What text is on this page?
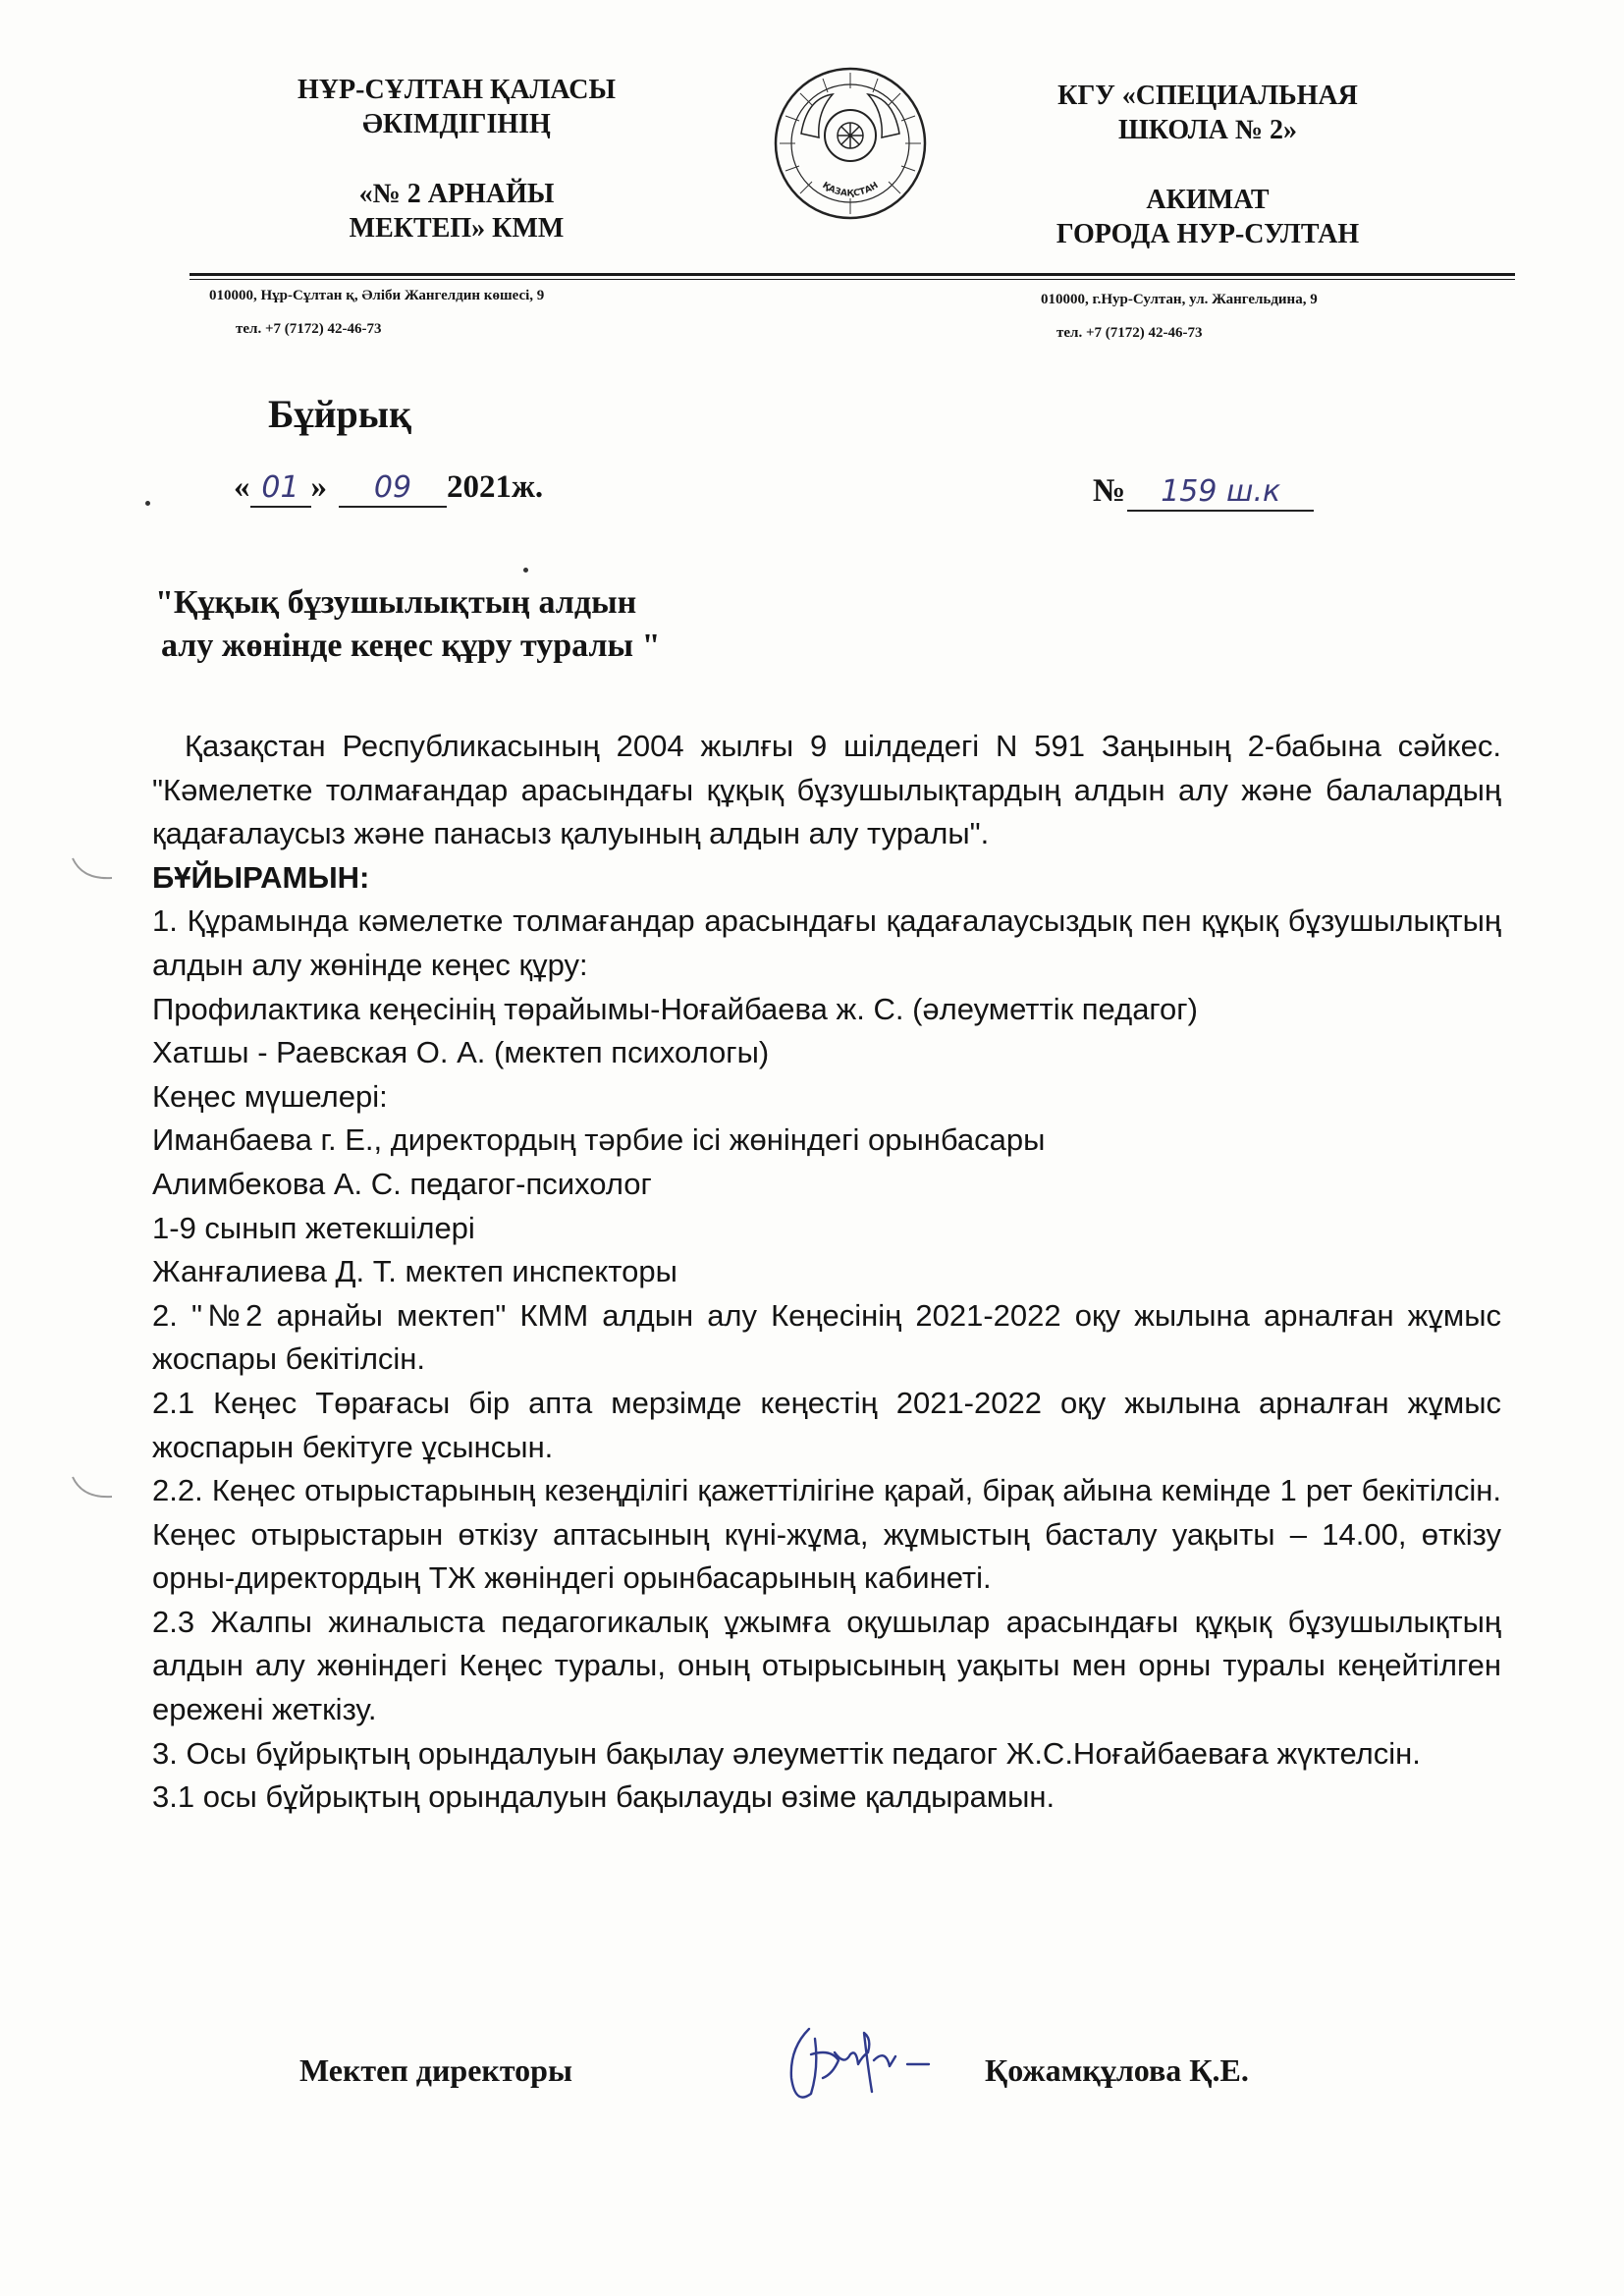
НҰР-СҰЛТАН ҚАЛАСЫ
ӘКІМДІГІНІҢ
«№ 2 АРНАЙЫ
МЕКТЕП» КММ
ҚАЗАҚСТАН
КГУ «СПЕЦИАЛЬНАЯ
ШКОЛА № 2»
АКИМАТ
ГОРОДА НУР-СУЛТАН
010000, Нұр-Сұлтан қ, Әліби Жангелдин көшесі, 9
тел. +7 (7172) 42-46-73
010000, г.Нур-Султан, ул. Жангельдина, 9
тел. +7 (7172) 42-46-73
Бұйрық
« 01 » 09 2021ж.	№ 159 ш.к
"Құқық бұзушылықтың алдын
алу жөнінде кеңес құру туралы "

Қазақстан Республикасының 2004 жылғы 9 шілдедегі N 591 Заңының 2-бабына сәйкес. "Кәмелетке толмағандар арасындағы құқық бұзушылықтардың алдын алу және балалардың қадағалаусыз және панасыз қалуының алдын алу туралы".

БҰЙЫРАМЫН:

1. Құрамында кәмелетке толмағандар арасындағы қадағалаусыздық пен құқық бұзушылықтың алдын алу жөнінде кеңес құру:

Профилактика кеңесінің төрайымы-Ноғайбаева ж. С. (әлеуметтік педагог)

Хатшы - Раевская О. А. (мектеп психологы)

Кеңес мүшелері:

Иманбаева г. Е., директордың тәрбие ісі жөніндегі орынбасары

Алимбекова А. С. педагог-психолог

1-9 сынып жетекшілері

Жанғалиева Д. Т. мектеп инспекторы

2. "№2 арнайы мектеп" КММ алдын алу Кеңесінің 2021-2022 оқу жылына арналған жұмыс жоспары бекітілсін.

2.1 Кеңес Төрағасы бір апта мерзімде кеңестің 2021-2022 оқу жылына арналған жұмыс жоспарын бекітуге ұсынсын.

2.2. Кеңес отырыстарының кезеңділігі қажеттілігіне қарай, бірақ айына кемінде 1 рет бекітілсін. Кеңес отырыстарын өткізу аптасының күні-жұма, жұмыстың басталу уақыты – 14.00, өткізу орны-директордың ТЖ жөніндегі орынбасарының кабинеті.

2.3 Жалпы жиналыста педагогикалық ұжымға оқушылар арасындағы құқық бұзушылықтың алдын алу жөніндегі Кеңес туралы, оның отырысының уақыты мен орны туралы кеңейтілген ережені жеткізу.

3. Осы бұйрықтың орындалуын бақылау әлеуметтік педагог Ж.С.Ноғайбаеваға жүктелсін.

3.1 осы бұйрықтың орындалуын бақылауды өзіме қалдырамын.

Мектеп директоры	Қожамқұлова Қ.Е.
